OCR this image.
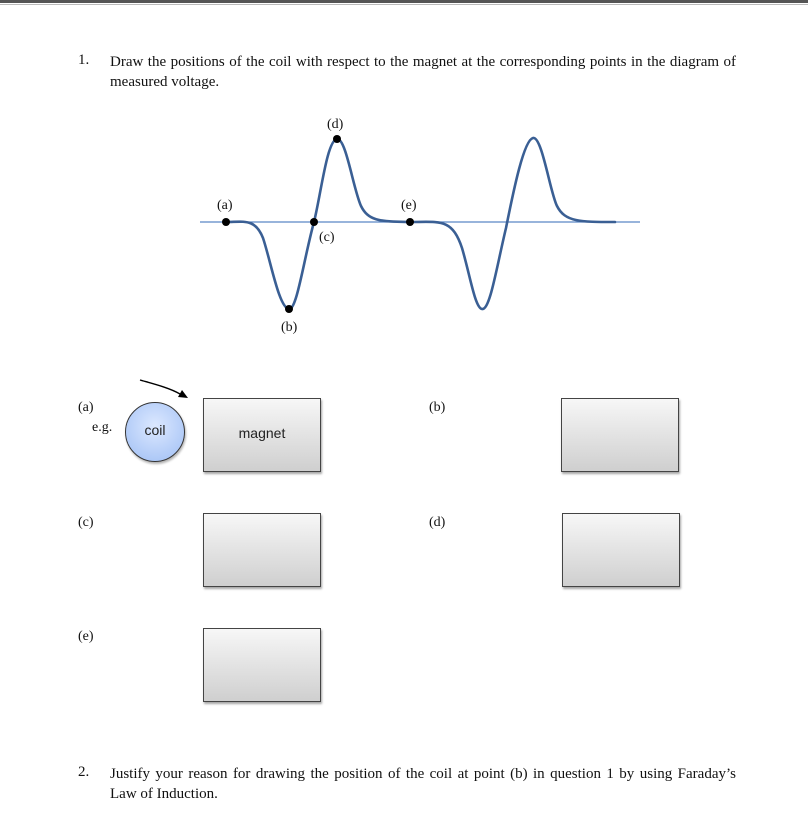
1. Draw the positions of the coil with respect to the magnet at the corresponding points in the diagram of measured voltage.
(a)
(b)
(c)
(d)
(e)
(a)
e.g.	coil	magnet
(b)
(c)	(d)
(e)
2. Justify your reason for drawing the position of the coil at point (b) in question 1 by using Faraday’s Law of Induction.
